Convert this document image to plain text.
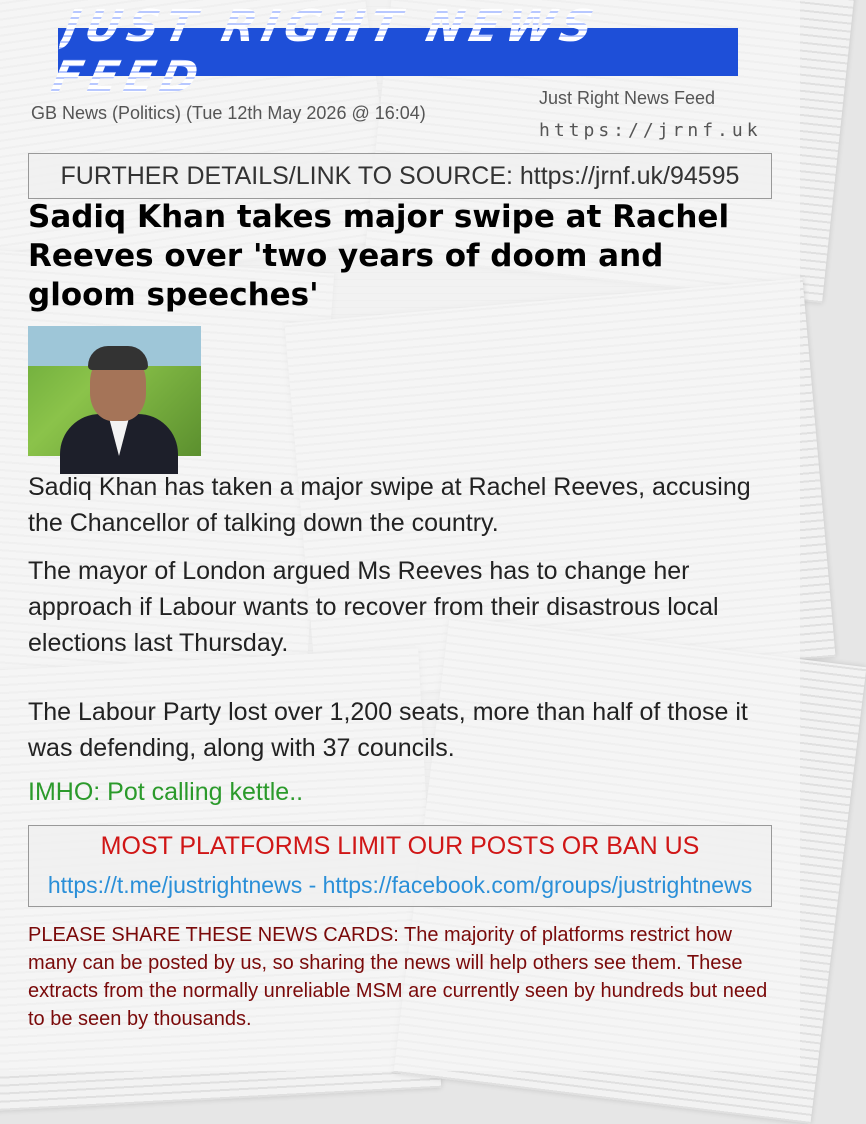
JUST RIGHT NEWS FEED
GB News (Politics) (Tue 12th May 2026 @ 16:04)
Just Right News Feed
https://jrnf.uk
FURTHER DETAILS/LINK TO SOURCE: https://jrnf.uk/94595
Sadiq Khan takes major swipe at Rachel Reeves over 'two years of doom and gloom speeches'

Sadiq Khan has taken a major swipe at Rachel Reeves, accusing the Chancellor of talking down the country.

The mayor of London argued Ms Reeves has to change her approach if Labour wants to recover from their disastrous local elections last Thursday.

The Labour Party lost over 1,200 seats, more than half of those it was defending, along with 37 councils.

IMHO: Pot calling kettle..
MOST PLATFORMS LIMIT OUR POSTS OR BAN US
https://t.me/justrightnews - https://facebook.com/groups/justrightnews

PLEASE SHARE THESE NEWS CARDS: The majority of platforms restrict how many can be posted by us, so sharing the news will help others see them. These extracts from the normally unreliable MSM are currently seen by hundreds but need to be seen by thousands.
